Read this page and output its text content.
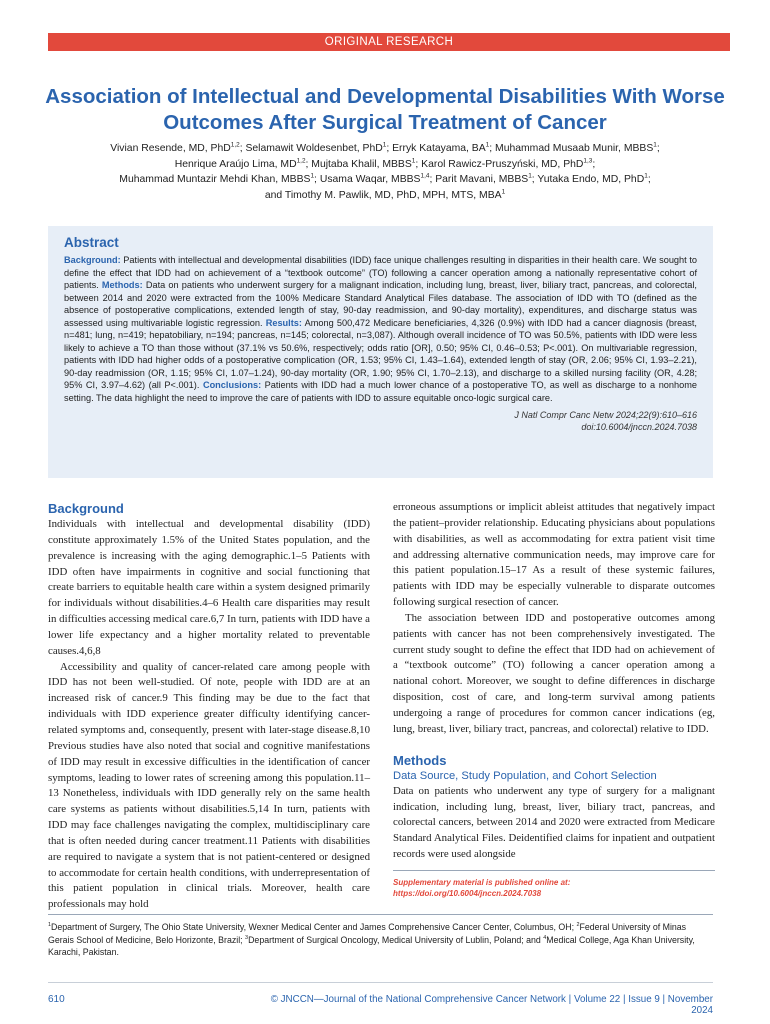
ORIGINAL RESEARCH
Association of Intellectual and Developmental Disabilities With Worse Outcomes After Surgical Treatment of Cancer
Vivian Resende, MD, PhD$^{1,2}$; Selamawit Woldesenbet, PhD$^1$; Erryk Katayama, $BA^1$; Muhammad Musaab Munir, MBBS$^1$;
Henrique Araújo Lima, MD$^{1,2}$; Mujtaba Khalil, MBBS$^1$; Karol Rawicz-Pruszyński, MD, PhD$^{1,3}$;
Muhammad Muntazir Mehdi Khan, MBBS$^1$; Usama Waqar, MBBS$^{1,4}$; Parit Mavani, MBBS$^1$; Yutaka Endo, MD, PhD$^1$;
and Timothy M. Pawlik, MD, PhD, MPH, MTS, MBA$^1$
Abstract

Background: Patients with intellectual and developmental disabilities (IDD) face unique challenges resulting in disparities in their health care. We sought to define the effect that IDD had on achievement of a “textbook outcome” (TO) following a cancer operation among a nationally representative cohort of patients. Methods: Data on patients who underwent surgery for a malignant indication, including lung, breast, liver, biliary tract, pancreas, and colorectal, between 2014 and 2020 were extracted from the 100% Medicare Standard Analytical Files database. The association of IDD with TO (defined as the absence of postoperative complications, extended length of stay, 90-day readmission, and 90-day mortality), expenditures, and discharge status was assessed using multivariable logistic regression. Results: Among 500,472 Medicare beneficiaries, 4,326 (0.9%) with IDD had a cancer diagnosis (breast, n=481; lung, n=419; hepatobiliary, n=194; pancreas, n=145; colorectal, n=3,087). Although overall incidence of TO was 50.5%, patients with IDD were less likely to achieve a TO than those without (37.1% vs 50.6%, respectively; odds ratio [OR], 0.50; 95% CI, 0.46–0.53; P<.001). On multivariable regression, patients with IDD had higher odds of a postoperative complication (OR, 1.53; 95% CI, 1.43–1.64), extended length of stay (OR, 2.06; 95% CI, 1.93–2.21), 90-day readmission (OR, 1.15; 95% CI, 1.07–1.24), 90-day mortality (OR, 1.90; 95% CI, 1.70–2.13), and discharge to a skilled nursing facility (OR, 4.28; 95% CI, 3.97–4.62) (all P<.001). Conclusions: Patients with IDD had a much lower chance of a postoperative TO, as well as discharge to a nonhome setting. The data highlight the need to improve the care of patients with IDD to assure equitable onco-logic surgical care.

J Natl Compr Canc Netw 2024;22(9):610–616
doi:10.6004/jnccn.2024.7038
Background

Individuals with intellectual and developmental disability (IDD) constitute approximately 1.5% of the United States population, and the prevalence is increasing with the aging demographic.1–5 Patients with IDD often have impairments in cognitive and social functioning that create barriers to equitable health care within a system designed primarily for individuals without disabilities.4–6 Health care disparities may result in difficulties accessing medical care.6,7 In turn, patients with IDD have a lower life expectancy and a higher mortality related to preventable causes.4,6,8

Accessibility and quality of cancer-related care among people with IDD has not been well-studied. Of note, people with IDD are at an increased risk of cancer.9 This finding may be due to the fact that individuals with IDD experience greater difficulty identifying cancer-related symptoms and, consequently, present with later-stage disease.8,10 Previous studies have also noted that social and cognitive manifestations of IDD may result in excessive difficulties in the identification of cancer symptoms, leading to lower rates of screening among this population.11–13 Nonetheless, individuals with IDD generally rely on the same health care systems as patients without disabilities.5,14 In turn, patients with IDD may face challenges navigating the complex, multidisciplinary care that is often needed during cancer treatment.11 Patients with disabilities are required to navigate a system that is not patient-centered or designed to accommodate for certain health conditions, with underrepresentation of this patient population in clinical trials. Moreover, health care professionals may hold

erroneous assumptions or implicit ableist attitudes that negatively impact the patient–provider relationship. Educating physicians about populations with disabilities, as well as accommodating for extra patient visit time and addressing alternative communication needs, may improve care for this patient population.15–17 As a result of these systemic failures, patients with IDD may be especially vulnerable to disparate outcomes following surgical resection of cancer.

The association between IDD and postoperative outcomes among patients with cancer has not been comprehensively investigated. The current study sought to define the effect that IDD had on achievement of a “textbook outcome” (TO) following a cancer operation among a national cohort. Moreover, we sought to define differences in discharge disposition, cost of care, and long-term survival among patients undergoing a range of procedures for common cancer indications (eg, lung, breast, liver, biliary tract, pancreas, and colorectal) relative to IDD.

Methods
Data Source, Study Population, and Cohort Selection

Data on patients who underwent any type of surgery for a malignant indication, including lung, breast, liver, biliary tract, pancreas, and colorectal cancers, between 2014 and 2020 were extracted from Medicare Standard Analytical Files. Deidentified claims for inpatient and outpatient records were used alongside

Supplementary material is published online at: https://doi.org/10.6004/jnccn.2024.7038
$^1$Department of Surgery, The Ohio State University, Wexner Medical Center and James Comprehensive Cancer Center, Columbus, OH; $^2$Federal University of Minas Gerais School of Medicine, Belo Horizonte, Brazil; $^3$Department of Surgical Oncology, Medical University of Lublin, Poland; and $^4$Medical College, Aga Khan University, Karachi, Pakistan.
610	© JNCCN—Journal of the National Comprehensive Cancer Network | Volume 22 | Issue 9 | November 2024
